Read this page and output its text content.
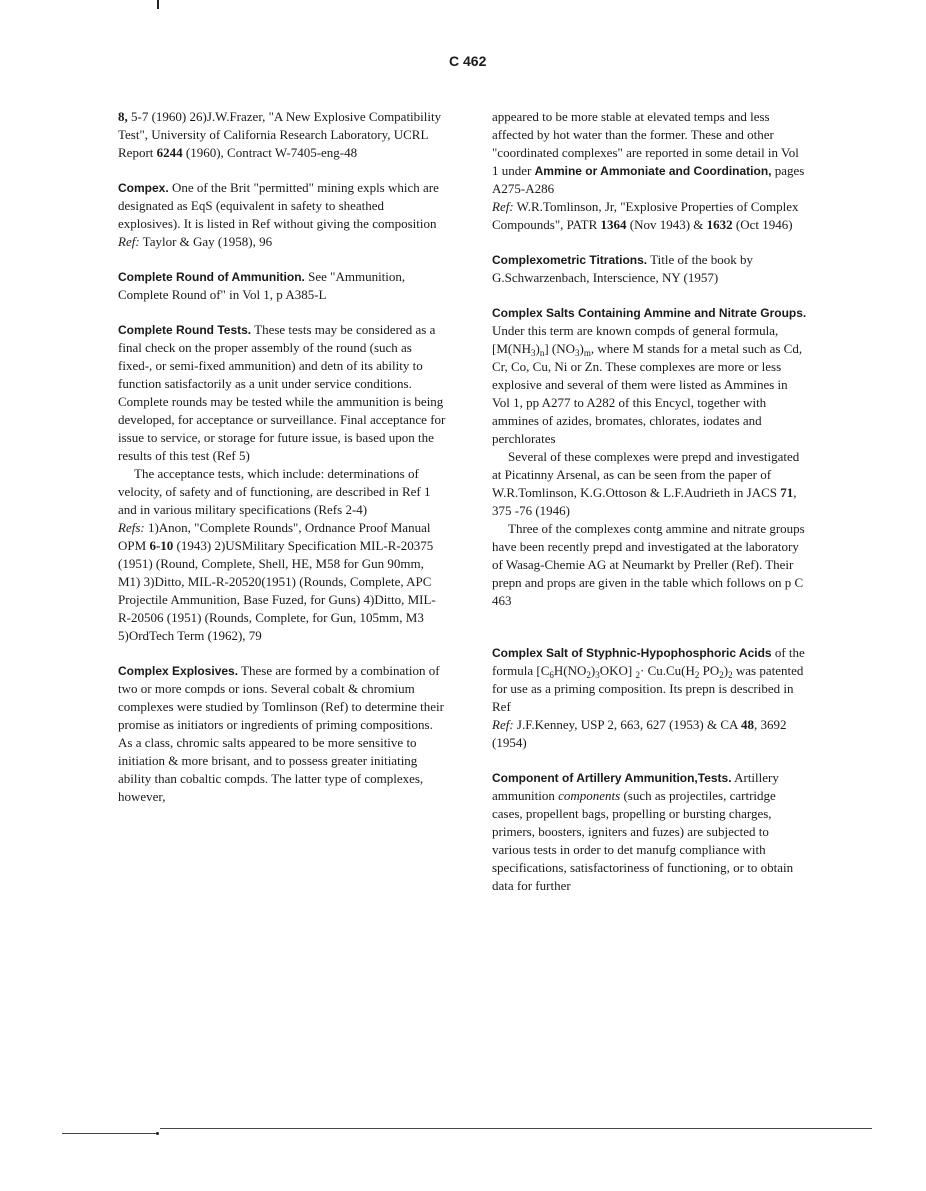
C 462

8, 5-7 (1960) 26)J.W.Frazer, "A New Explosive Compatibility Test", University of California Research Laboratory, UCRL Report 6244 (1960), Contract W-7405-eng-48

Compex. One of the Brit "permitted" mining expls which are designated as EqS (equivalent in safety to sheathed explosives). It is listed in Ref without giving the composition
Ref: Taylor & Gay (1958), 96

Complete Round of Ammunition. See "Ammunition, Complete Round of" in Vol 1, p A385-L

Complete Round Tests. These tests may be considered as a final check on the proper assembly of the round (such as fixed-, or semi-fixed ammunition) and detn of its ability to function satisfactorily as a unit under service conditions. Complete rounds may be tested while the ammunition is being developed, for acceptance or surveillance. Final acceptance for issue to service, or storage for future issue, is based upon the results of this test (Ref 5)

The acceptance tests, which include: determinations of velocity, of safety and of functioning, are described in Ref 1 and in various military specifications (Refs 2-4)

Refs: 1)Anon, "Complete Rounds", Ordnance Proof Manual OPM 6-10 (1943) 2)USMilitary Specification MIL-R-20375 (1951) (Round, Complete, Shell, HE, M58 for Gun 90mm, M1) 3)Ditto, MIL-R-20520(1951) (Rounds, Complete, APC Projectile Ammunition, Base Fuzed, for Guns) 4)Ditto, MIL-R-20506 (1951) (Rounds, Complete, for Gun, 105mm, M3 5)OrdTech Term (1962), 79

Complex Explosives. These are formed by a combination of two or more compds or ions. Several cobalt & chromium complexes were studied by Tomlinson (Ref) to determine their promise as initiators or ingredients of priming compositions. As a class, chromic salts appeared to be more sensitive to initiation & more brisant, and to possess greater initiating ability than cobaltic compds. The latter type of complexes, however,

appeared to be more stable at elevated temps and less affected by hot water than the former. These and other "coordinated complexes" are reported in some detail in Vol 1 under Ammine or Ammoniate and Coordination, pages A275-A286
Ref: W.R.Tomlinson, Jr, "Explosive Properties of Complex Compounds", PATR 1364 (Nov 1943) & 1632 (Oct 1946)

Complexometric Titrations. Title of the book by G.Schwarzenbach, Interscience, NY (1957)

Complex Salts Containing Ammine and Nitrate Groups. Under this term are known compds of general formula, $[M(NH_3)_n]$ $(NO_3)_m$, where M stands for a metal such as Cd, Cr, Co, Cu, Ni or Zn. These complexes are more or less explosive and several of them were listed as Ammines in Vol 1, pp A277 to A282 of this Encycl, together with ammines of azides, bromates, chlorates, iodates and perchlorates

Several of these complexes were prepd and investigated at Picatinny Arsenal, as can be seen from the paper of W.R.Tomlinson, K.G.Ottoson & L.F.Audrieth in JACS 71, 375 -76 (1946)

Three of the complexes contg ammine and nitrate groups have been recently prepd and investigated at the laboratory of Wasag-Chemie AG at Neumarkt by Preller (Ref). Their prepn and props are given in the table which follows on p C 463

Complex Salt of Styphnic-Hypophosphoric Acids of the formula $[C_6H(NO_2)_3OKO]$ $_2\cdot Cu.Cu(H_2$ $PO_2)_2$ was patented for use as a priming composition. Its prepn is described in Ref
Ref: J.F.Kenney, USP 2, 663, 627 (1953) & CA 48, 3692 (1954)

Component of Artillery Ammunition,Tests. Artillery ammunition components (such as projectiles, cartridge cases, propellent bags, propelling or bursting charges, primers, boosters, igniters and fuzes) are subjected to various tests in order to det manufg compliance with specifications, satisfactoriness of functioning, or to obtain data for further
